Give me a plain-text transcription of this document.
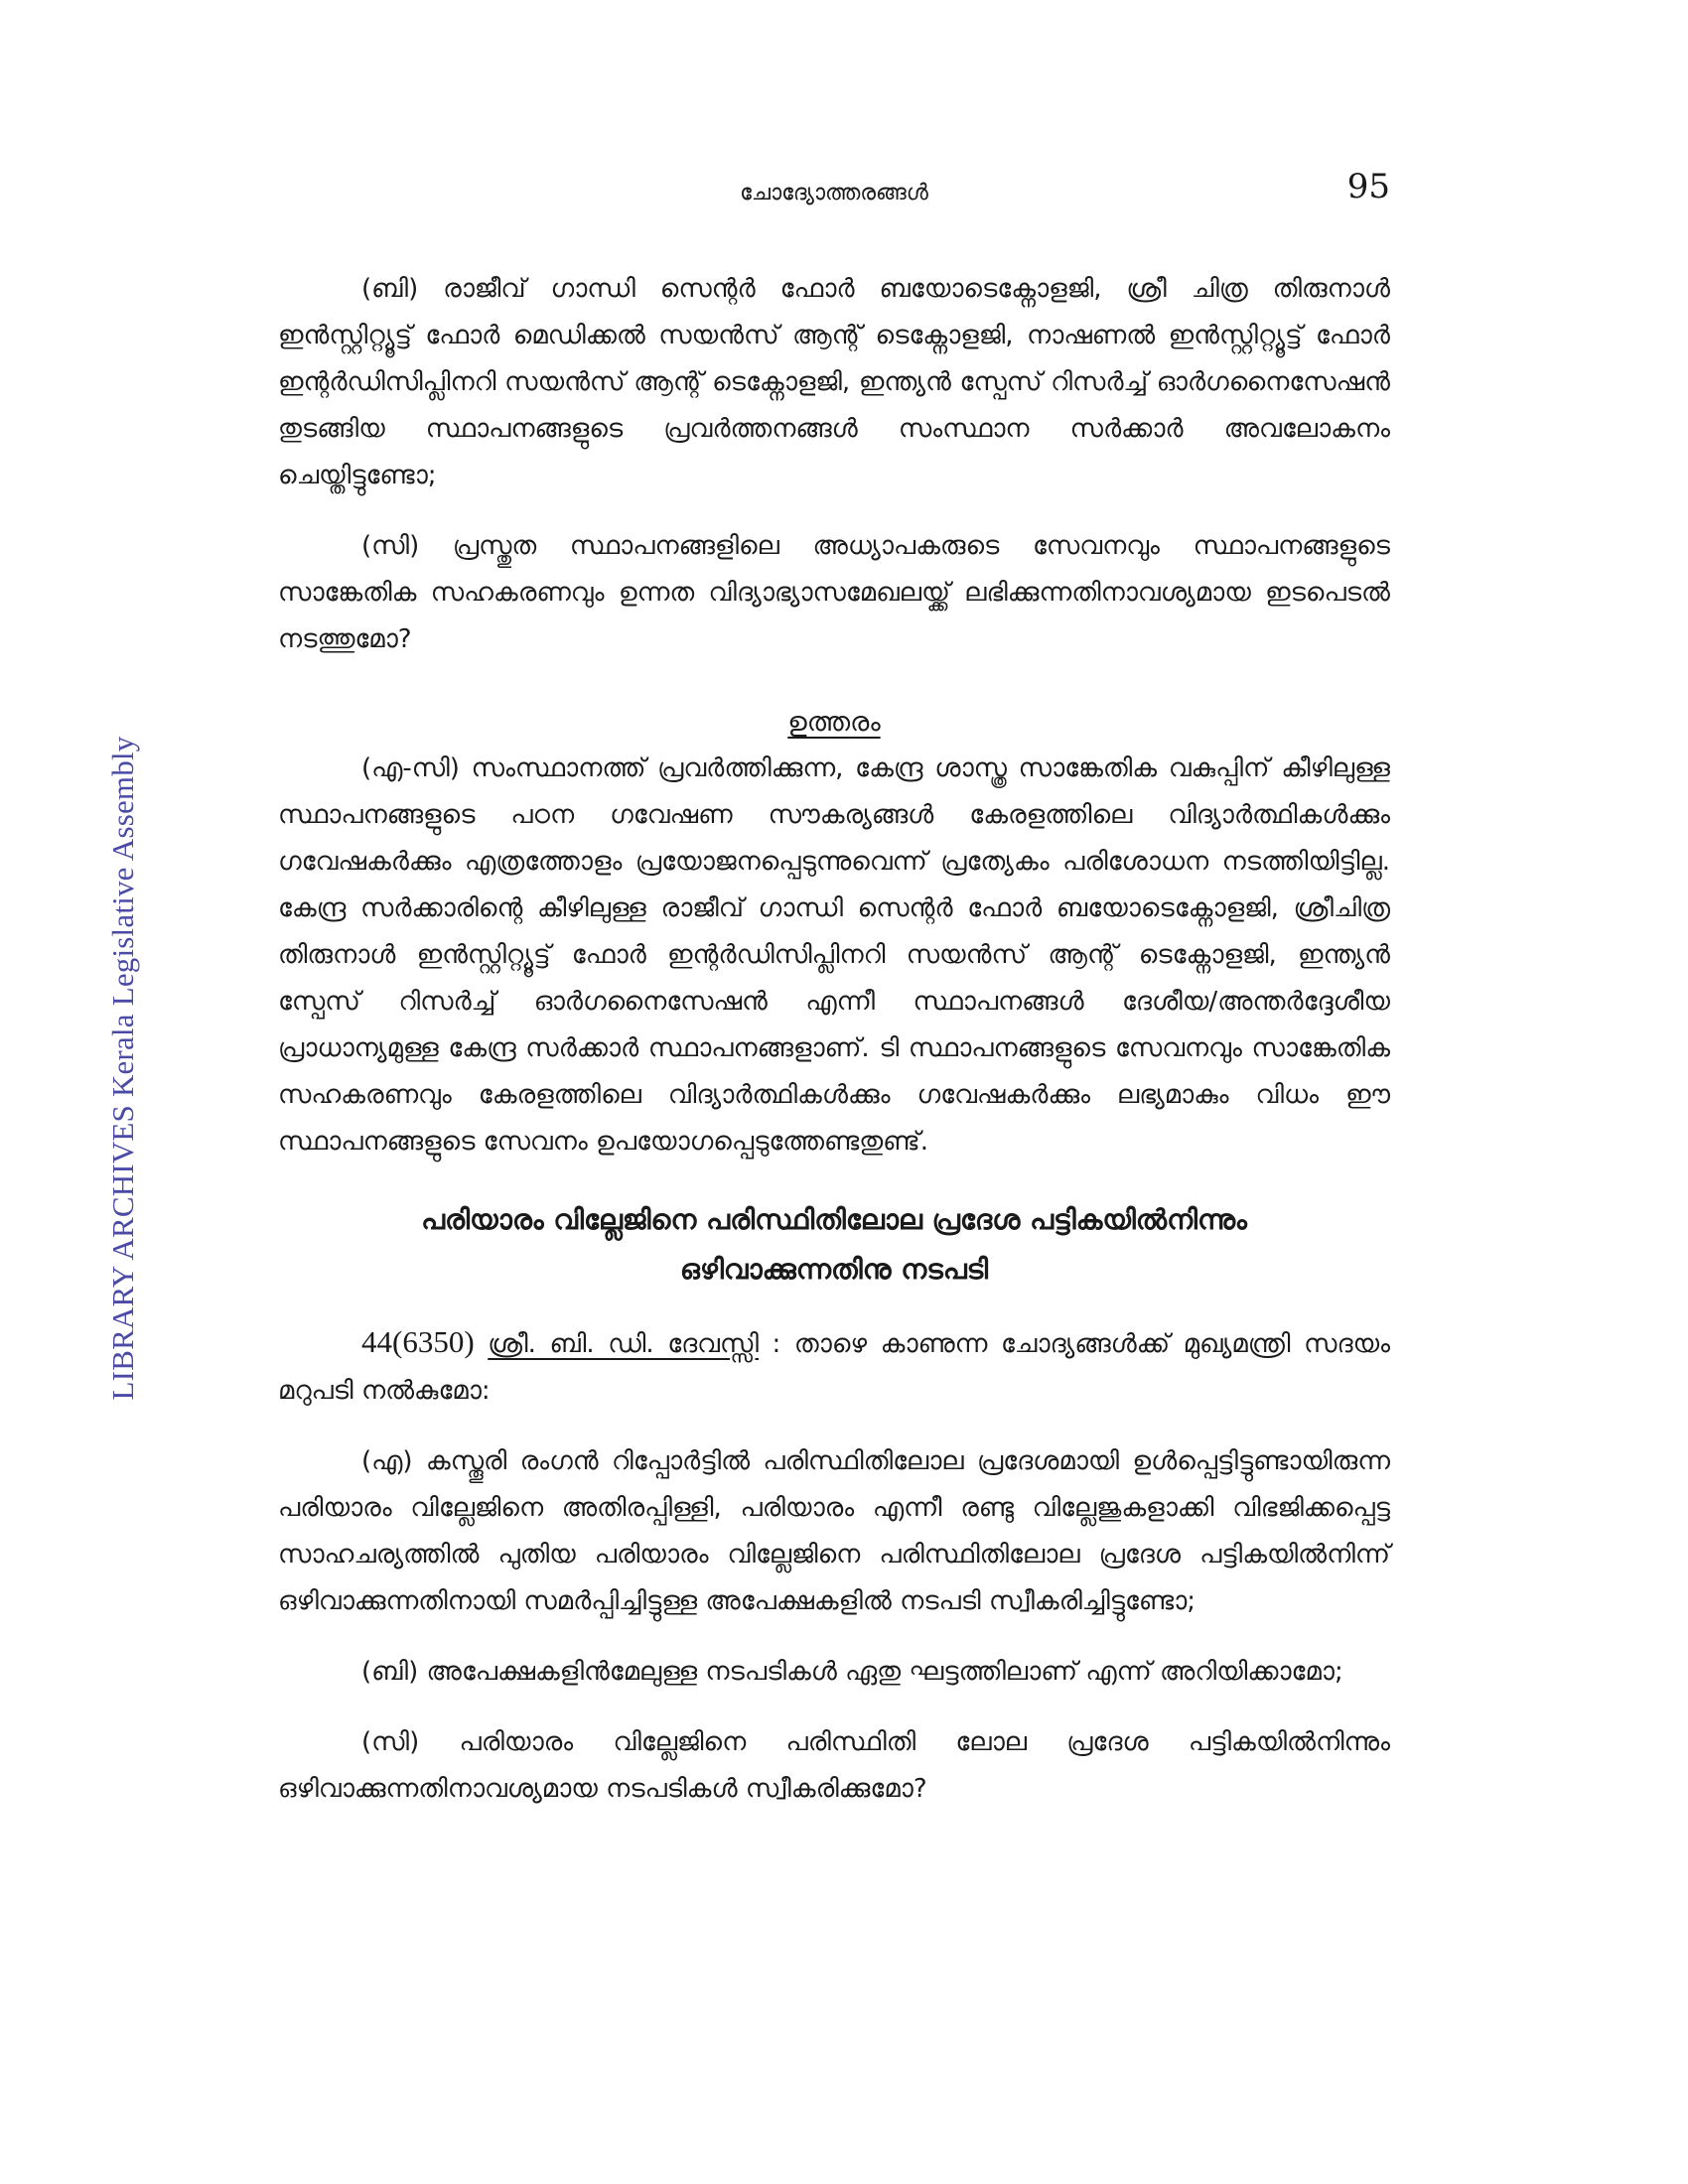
ചോദ്യോത്തരങ്ങൾ	95
LIBRARY ARCHIVES Kerala Legislative Assembly

(ബി) രാജീവ് ഗാന്ധി സെന്റർ ഫോർ ബയോടെക്നോളജി, ശ്രീ ചിത്ര തിരുനാൾ ഇൻസ്റ്റിറ്റ്യൂട്ട് ഫോർ മെഡിക്കൽ സയൻസ് ആന്റ് ടെക്നോളജി, നാഷണൽ ഇൻസ്റ്റിറ്റ്യൂട്ട് ഫോർ ഇന്റർഡിസിപ്ലിനറി സയൻസ് ആന്റ് ടെക്നോളജി, ഇന്ത്യൻ സ്പേസ് റിസർച്ച് ഓർഗനൈസേഷൻ തുടങ്ങിയ സ്ഥാപനങ്ങളുടെ പ്രവർത്തനങ്ങൾ സംസ്ഥാന സർക്കാർ അവലോകനം ചെയ്തിട്ടുണ്ടോ;

(സി) പ്രസ്തുത സ്ഥാപനങ്ങളിലെ അധ്യാപകരുടെ സേവനവും സ്ഥാപനങ്ങളുടെ സാങ്കേതിക സഹകരണവും ഉന്നത വിദ്യാഭ്യാസമേഖലയ്ക്ക് ലഭിക്കുന്നതിനാവശ്യമായ ഇടപെടൽ നടത്തുമോ?

ഉത്തരം

(എ-സി) സംസ്ഥാനത്ത് പ്രവർത്തിക്കുന്ന, കേന്ദ്ര ശാസ്ത്ര സാങ്കേതിക വകുപ്പിന് കീഴിലുള്ള സ്ഥാപനങ്ങളുടെ പഠന ഗവേഷണ സൗകര്യങ്ങൾ കേരളത്തിലെ വിദ്യാർത്ഥികൾക്കും ഗവേഷകർക്കും എത്രത്തോളം പ്രയോജനപ്പെടുന്നുവെന്ന് പ്രത്യേകം പരിശോധന നടത്തിയിട്ടില്ല. കേന്ദ്ര സർക്കാരിന്റെ കീഴിലുള്ള രാജീവ് ഗാന്ധി സെന്റർ ഫോർ ബയോടെക്നോളജി, ശ്രീചിത്ര തിരുനാൾ ഇൻസ്റ്റിറ്റ്യൂട്ട് ഫോർ ഇന്റർഡിസിപ്ലിനറി സയൻസ് ആന്റ് ടെക്നോളജി, ഇന്ത്യൻ സ്പേസ് റിസർച്ച് ഓർഗനൈസേഷൻ എന്നീ സ്ഥാപനങ്ങൾ ദേശീയ/അന്തർദ്ദേശീയ പ്രാധാന്യമുള്ള കേന്ദ്ര സർക്കാർ സ്ഥാപനങ്ങളാണ്. ടി സ്ഥാപനങ്ങളുടെ സേവനവും സാങ്കേതിക സഹകരണവും കേരളത്തിലെ വിദ്യാർത്ഥികൾക്കും ഗവേഷകർക്കും ലഭ്യമാകും വിധം ഈ സ്ഥാപനങ്ങളുടെ സേവനം ഉപയോഗപ്പെടുത്തേണ്ടതുണ്ട്.

പരിയാരം വില്ലേജിനെ പരിസ്ഥിതിലോല പ്രദേശ പട്ടികയിൽനിന്നും
ഒഴിവാക്കുന്നതിനു നടപടി

44(6350) ശ്രീ. ബി. ഡി. ദേവസ്സി : താഴെ കാണുന്ന ചോദ്യങ്ങൾക്ക് മുഖ്യമന്ത്രി സദയം മറുപടി നൽകുമോ:

(എ) കസ്തൂരി രംഗൻ റിപ്പോർട്ടിൽ പരിസ്ഥിതിലോല പ്രദേശമായി ഉൾപ്പെട്ടിട്ടുണ്ടായിരുന്ന പരിയാരം വില്ലേജിനെ അതിരപ്പിള്ളി, പരിയാരം എന്നീ രണ്ടു വില്ലേജുകളാക്കി വിഭജിക്കപ്പെട്ട സാഹചര്യത്തിൽ പുതിയ പരിയാരം വില്ലേജിനെ പരിസ്ഥിതിലോല പ്രദേശ പട്ടികയിൽനിന്ന് ഒഴിവാക്കുന്നതിനായി സമർപ്പിച്ചിട്ടുള്ള അപേക്ഷകളിൽ നടപടി സ്വീകരിച്ചിട്ടുണ്ടോ;

(ബി) അപേക്ഷകളിൻമേലുള്ള നടപടികൾ ഏതു ഘട്ടത്തിലാണ് എന്ന് അറിയിക്കാമോ;

(സി) പരിയാരം വില്ലേജിനെ പരിസ്ഥിതി ലോല പ്രദേശ പട്ടികയിൽനിന്നും ഒഴിവാക്കുന്നതിനാവശ്യമായ നടപടികൾ സ്വീകരിക്കുമോ?
